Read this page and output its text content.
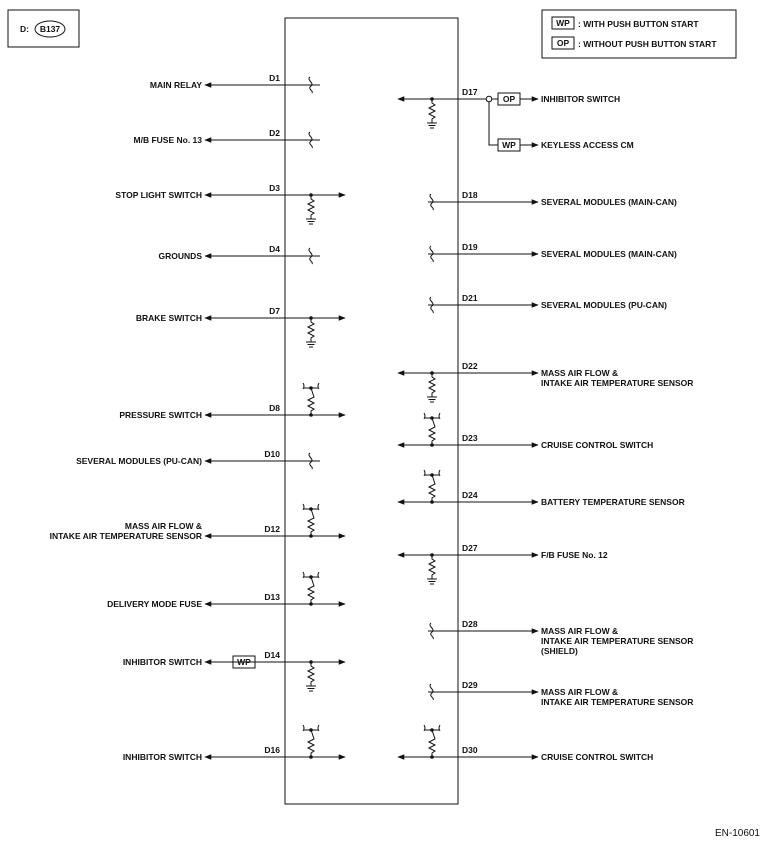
D: B137
WP : WITH PUSH BUTTON START
OP : WITHOUT PUSH BUTTON START
D1
MAIN RELAY
D2
M/B FUSE No. 13
D3
STOP LIGHT SWITCH
D4
GROUNDS
D7
BRAKE SWITCH
D8
PRESSURE SWITCH
D10
SEVERAL MODULES (PU-CAN)
D12
MASS AIR FLOW &
INTAKE AIR TEMPERATURE SENSOR
D13
DELIVERY MODE FUSE
D14
INHIBITOR SWITCH	WP
D16
INHIBITOR SWITCH
D17
INHIBITOR SWITCH
OP
WP	KEYLESS ACCESS CM
D18
SEVERAL MODULES (MAIN-CAN)
D19
SEVERAL MODULES (MAIN-CAN)
D21
SEVERAL MODULES (PU-CAN)
D22
MASS AIR FLOW &
INTAKE AIR TEMPERATURE SENSOR
D23
CRUISE CONTROL SWITCH
D24
BATTERY TEMPERATURE SENSOR
D27
F/B FUSE No. 12
D28
MASS AIR FLOW &
INTAKE AIR TEMPERATURE SENSOR
(SHIELD)
D29
MASS AIR FLOW &
INTAKE AIR TEMPERATURE SENSOR
D30
CRUISE CONTROL SWITCH
EN-10601
